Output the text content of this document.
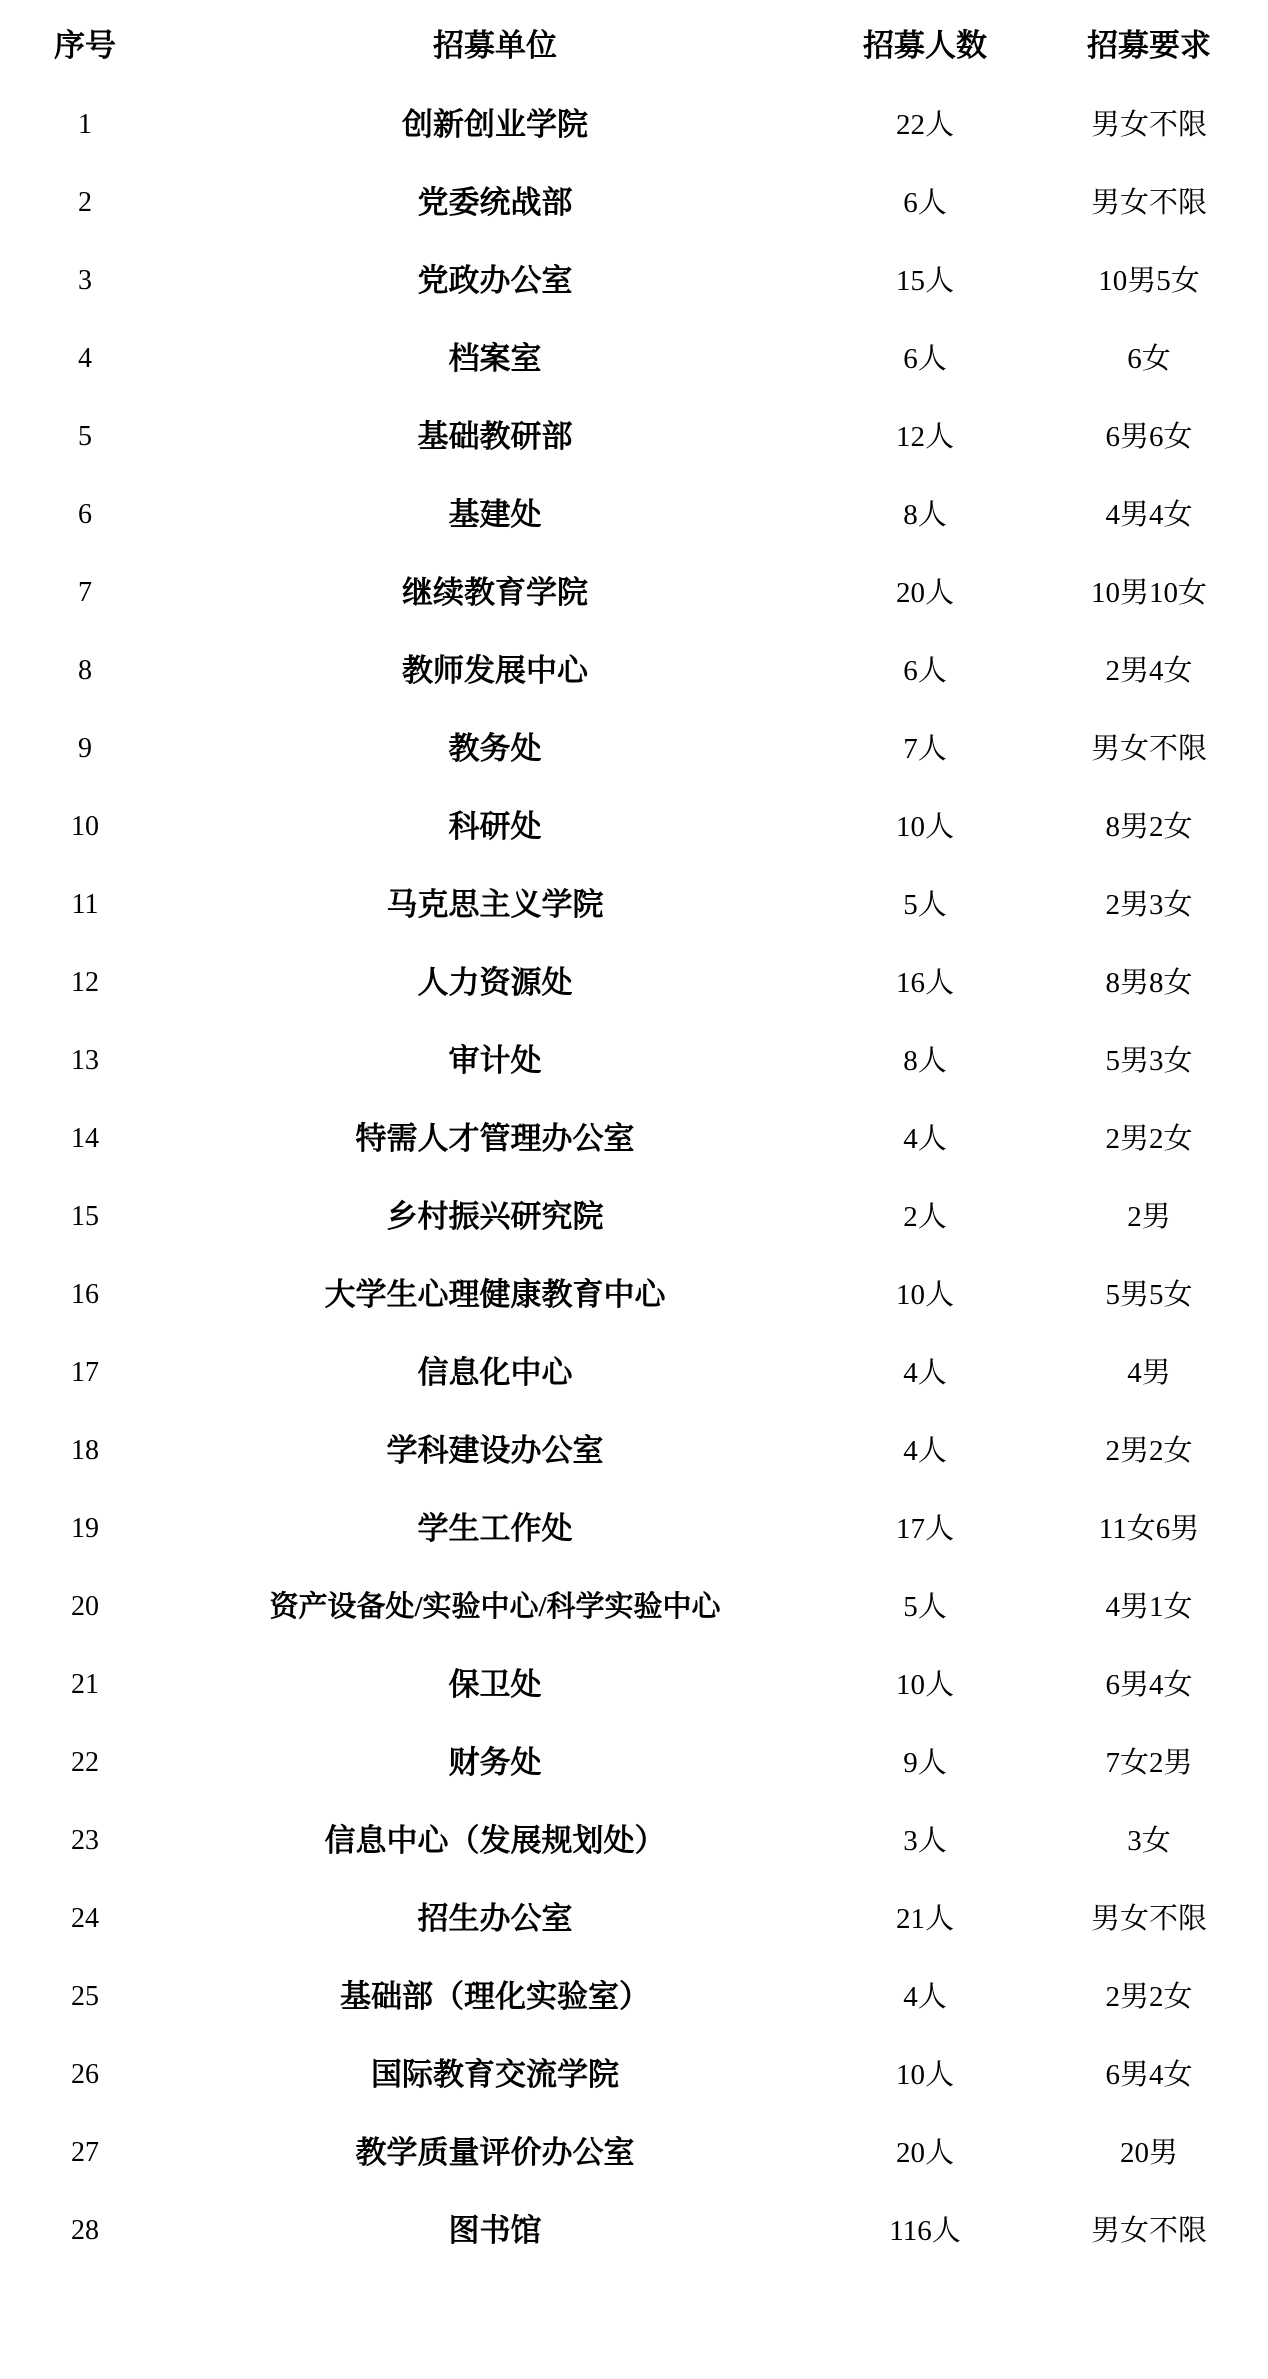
序号	招募单位	招募人数	招募要求
1	创新创业学院	22人	男女不限
2	党委统战部	6人	男女不限
3	党政办公室	15人	10男5女
4	档案室	6人	6女
5	基础教研部	12人	6男6女
6	基建处	8人	4男4女
7	继续教育学院	20人	10男10女
8	教师发展中心	6人	2男4女
9	教务处	7人	男女不限
10	科研处	10人	8男2女
11	马克思主义学院	5人	2男3女
12	人力资源处	16人	8男8女
13	审计处	8人	5男3女
14	特需人才管理办公室	4人	2男2女
15	乡村振兴研究院	2人	2男
16	大学生心理健康教育中心	10人	5男5女
17	信息化中心	4人	4男
18	学科建设办公室	4人	2男2女
19	学生工作处	17人	11女6男
20	资产设备处/实验中心/科学实验中心	5人	4男1女
21	保卫处	10人	6男4女
22	财务处	9人	7女2男
23	信息中心（发展规划处）	3人	3女
24	招生办公室	21人	男女不限
25	基础部（理化实验室）	4人	2男2女
26	国际教育交流学院	10人	6男4女
27	教学质量评价办公室	20人	20男
28	图书馆	116人	男女不限
